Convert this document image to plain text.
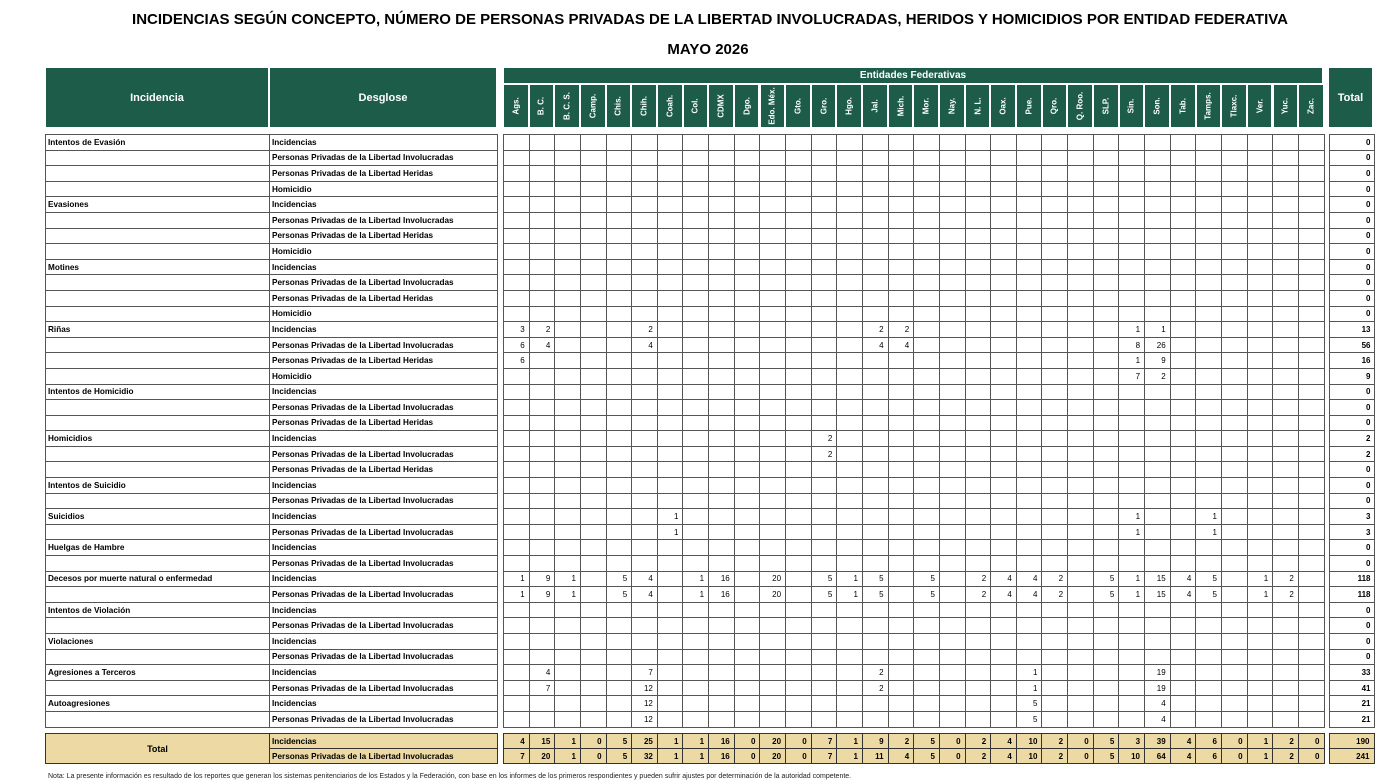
INCIDENCIAS SEGÚN CONCEPTO, NÚMERO DE PERSONAS PRIVADAS DE LA LIBERTAD INVOLUCRADAS, HERIDOS Y HOMICIDIOS POR ENTIDAD FEDERATIVA
MAYO 2026
Incidencia	Desglose
Entidades Federativas
Total
Ags. B. C. B. C. S. Camp. Chis. Chih. Coah. Col. CDMX Dgo. Edo. Méx. Gto. Gro. Hgo. Jal. Mich. Mor. Nay. N. L. Oax. Pue. Qro. Q. Roo. SLP. Sin. Son. Tab. Tamps. Tlaxc. Ver. Yuc. Zac.
Intentos de Evasión	Incidencias																																			0
	Personas Privadas de la Libertad Involucradas																																			0
	Personas Privadas de la Libertad Heridas																																			0
	Homicidio																																			0
Evasiones	Incidencias																																			0
	Personas Privadas de la Libertad Involucradas																																			0
	Personas Privadas de la Libertad Heridas																																			0
	Homicidio																																			0
Motines	Incidencias																																			0
	Personas Privadas de la Libertad Involucradas																																			0
	Personas Privadas de la Libertad Heridas																																			0
	Homicidio																																			0
Riñas	Incidencias		3	2				2									2	2									1	1								13
	Personas Privadas de la Libertad Involucradas		6	4				4									4	4									8	26								56
	Personas Privadas de la Libertad Heridas		6																								1	9								16
	Homicidio																										7	2								9
Intentos de Homicidio	Incidencias																																			0
	Personas Privadas de la Libertad Involucradas																																			0
	Personas Privadas de la Libertad Heridas																																			0
Homicidios	Incidencias														2																					2
	Personas Privadas de la Libertad Involucradas														2																					2
	Personas Privadas de la Libertad Heridas																																			0
Intentos de Suicidio	Incidencias																																			0
	Personas Privadas de la Libertad Involucradas																																			0
Suicidios	Incidencias								1																		1			1						3
	Personas Privadas de la Libertad Involucradas								1																		1			1						3
Huelgas de Hambre	Incidencias																																			0
	Personas Privadas de la Libertad Involucradas																																			0
Decesos por muerte natural o enfermedad	Incidencias		1	9	1		5	4		1	16		20		5	1	5		5		2	4	4	2		5	1	15	4	5		1	2			118
	Personas Privadas de la Libertad Involucradas		1	9	1		5	4		1	16		20		5	1	5		5		2	4	4	2		5	1	15	4	5		1	2			118
Intentos de Violación	Incidencias																																			0
	Personas Privadas de la Libertad Involucradas																																			0
Violaciones	Incidencias																																			0
	Personas Privadas de la Libertad Involucradas																																			0
Agresiones a Terceros	Incidencias			4				7									2						1					19								33
	Personas Privadas de la Libertad Involucradas			7				12									2						1					19								41
Autoagresiones	Incidencias							12															5					4								21
	Personas Privadas de la Libertad Involucradas							12															5					4								21
Total	Incidencias		4	15	1	0	5	25	1	1	16	0	20	0	7	1	9	2	5	0	2	4	10	2	0	5	3	39	4	6	0	1	2	0		190
	Personas Privadas de la Libertad Involucradas		7	20	1	0	5	32	1	1	16	0	20	0	7	1	11	4	5	0	2	4	10	2	0	5	10	64	4	6	0	1	2	0		241
Nota: La presente información es resultado de los reportes que generan los sistemas penitenciarios de los Estados y la Federación, con base en los informes de los primeros respondientes y pueden sufrir ajustes por determinación de la autoridad competente.
